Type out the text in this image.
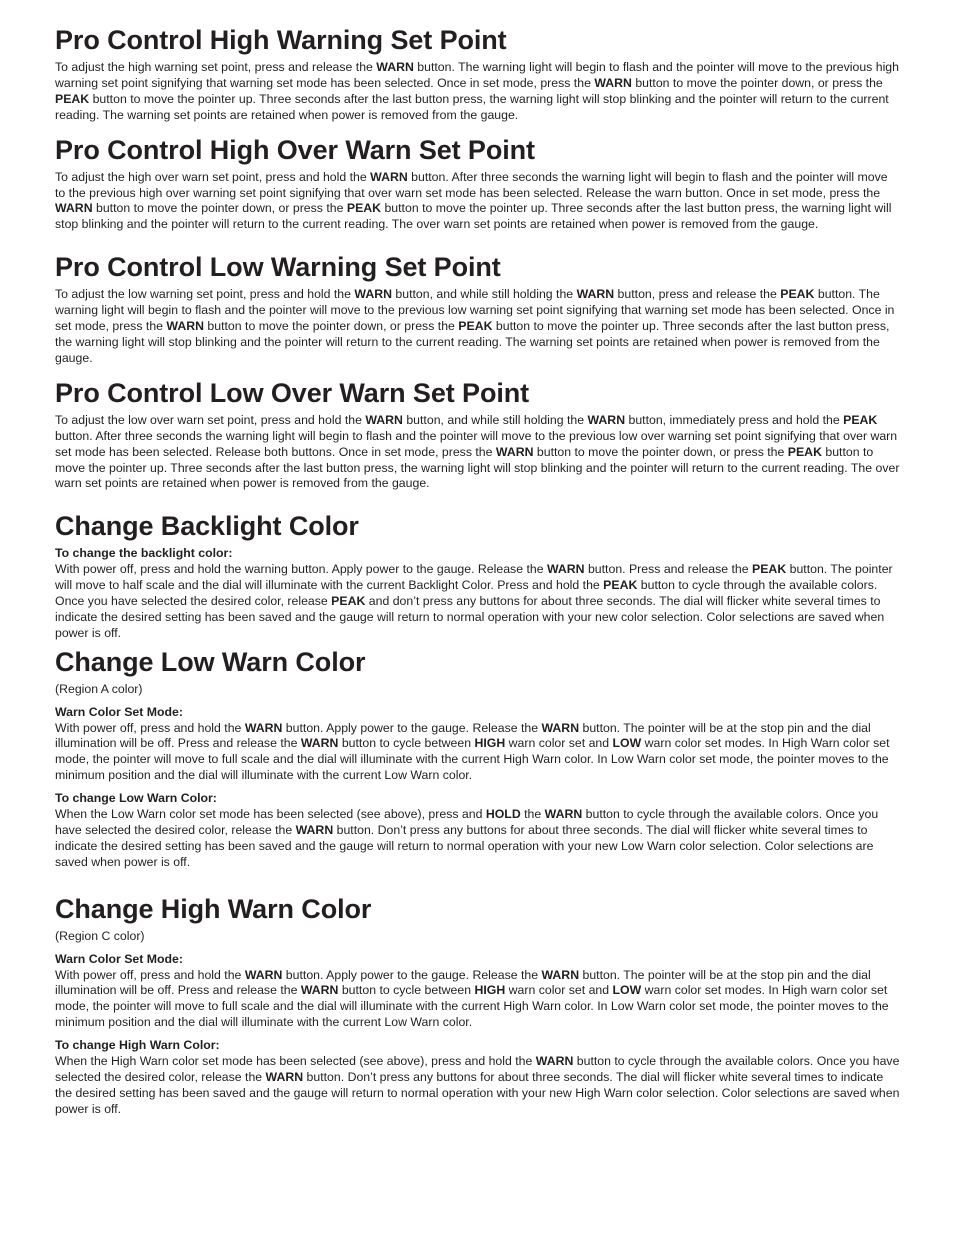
Pro Control High Warning Set Point

To adjust the high warning set point, press and release the WARN button. The warning light will begin to flash and the pointer will move to the previous high warning set point signifying that warning set mode has been selected. Once in set mode, press the WARN button to move the pointer down, or press the PEAK button to move the pointer up. Three seconds after the last button press, the warning light will stop blinking and the pointer will return to the current reading. The warning set points are retained when power is removed from the gauge.

Pro Control High Over Warn Set Point

To adjust the high over warn set point, press and hold the WARN button. After three seconds the warning light will begin to flash and the pointer will move to the previous high over warning set point signifying that over warn set mode has been selected. Release the warn button. Once in set mode, press the WARN button to move the pointer down, or press the PEAK button to move the pointer up. Three seconds after the last button press, the warning light will stop blinking and the pointer will return to the current reading. The over warn set points are retained when power is removed from the gauge.

Pro Control Low Warning Set Point

To adjust the low warning set point, press and hold the WARN button, and while still holding the WARN button, press and release the PEAK button. The warning light will begin to flash and the pointer will move to the previous low warning set point signifying that warning set mode has been selected. Once in set mode, press the WARN button to move the pointer down, or press the PEAK button to move the pointer up. Three seconds after the last button press, the warning light will stop blinking and the pointer will return to the current reading. The warning set points are retained when power is removed from the gauge.

Pro Control Low Over Warn Set Point

To adjust the low over warn set point, press and hold the WARN button, and while still holding the WARN button, immediately press and hold the PEAK button. After three seconds the warning light will begin to flash and the pointer will move to the previous low over warning set point signifying that over warn set mode has been selected. Release both buttons. Once in set mode, press the WARN button to move the pointer down, or press the PEAK button to move the pointer up. Three seconds after the last button press, the warning light will stop blinking and the pointer will return to the current reading. The over warn set points are retained when power is removed from the gauge.

Change Backlight Color
To change the backlight color:

With power off, press and hold the warning button. Apply power to the gauge. Release the WARN button. Press and release the PEAK button. The pointer will move to half scale and the dial will illuminate with the current Backlight Color. Press and hold the PEAK button to cycle through the available colors. Once you have selected the desired color, release PEAK and don’t press any buttons for about three seconds. The dial will flicker white several times to indicate the desired setting has been saved and the gauge will return to normal operation with your new color selection. Color selections are saved when power is off.

Change Low Warn Color

(Region A color)

Warn Color Set Mode:

With power off, press and hold the WARN button. Apply power to the gauge. Release the WARN button. The pointer will be at the stop pin and the dial illumination will be off. Press and release the WARN button to cycle between HIGH warn color set and LOW warn color set modes. In High Warn color set mode, the pointer will move to full scale and the dial will illuminate with the current High Warn color. In Low Warn color set mode, the pointer moves to the minimum position and the dial will illuminate with the current Low Warn color.

To change Low Warn Color:

When the Low Warn color set mode has been selected (see above), press and HOLD the WARN button to cycle through the available colors. Once you have selected the desired color, release the WARN button. Don’t press any buttons for about three seconds. The dial will flicker white several times to indicate the desired setting has been saved and the gauge will return to normal operation with your new Low Warn color selection. Color selections are saved when power is off.

Change High Warn Color

(Region C color)

Warn Color Set Mode:

With power off, press and hold the WARN button. Apply power to the gauge. Release the WARN button. The pointer will be at the stop pin and the dial illumination will be off. Press and release the WARN button to cycle between HIGH warn color set and LOW warn color set modes. In High warn color set mode, the pointer will move to full scale and the dial will illuminate with the current High Warn color. In Low Warn color set mode, the pointer moves to the minimum position and the dial will illuminate with the current Low Warn color.

To change High Warn Color:

When the High Warn color set mode has been selected (see above), press and hold the WARN button to cycle through the available colors. Once you have selected the desired color, release the WARN button. Don’t press any buttons for about three seconds. The dial will flicker white several times to indicate the desired setting has been saved and the gauge will return to normal operation with your new High Warn color selection. Color selections are saved when power is off.
